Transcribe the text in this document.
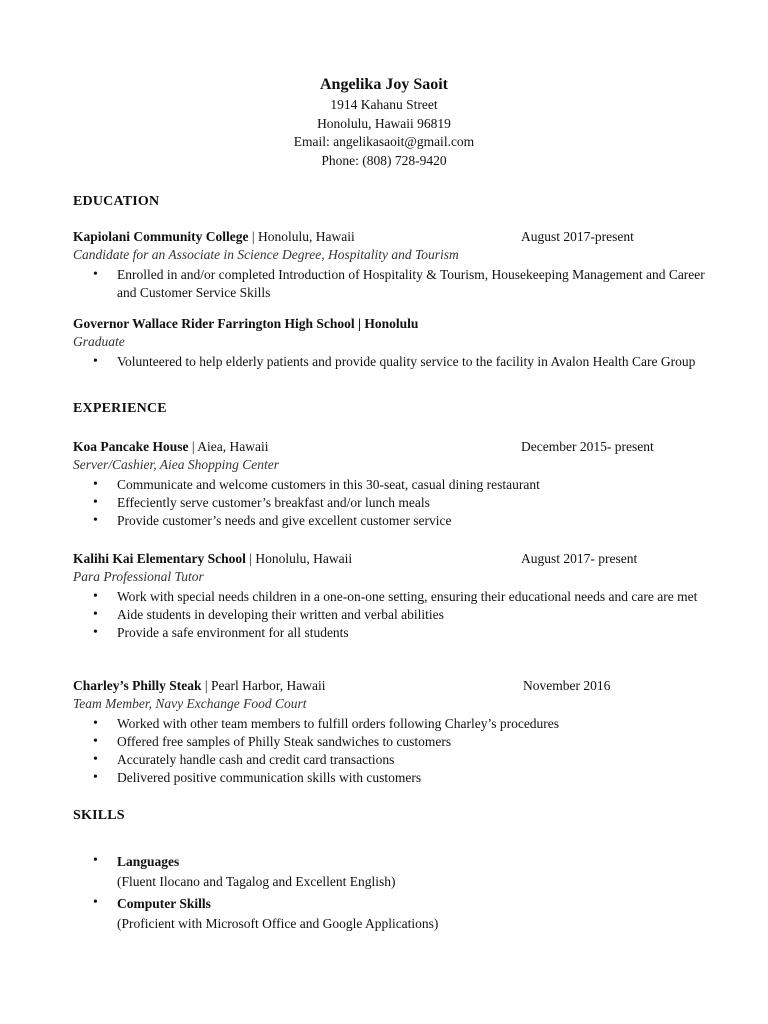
Angelika Joy Saoit
1914 Kahanu Street
Honolulu, Hawaii 96819
Email: angelikasaoit@gmail.com
Phone: (808) 728-9420
EDUCATION
Kapiolani Community College | Honolulu, Hawaii	August 2017-present
Candidate for an Associate in Science Degree, Hospitality and Tourism
• Enrolled in and/or completed Introduction of Hospitality & Tourism, Housekeeping Management and Career and Customer Service Skills
Governor Wallace Rider Farrington High School | Honolulu
Graduate
• Volunteered to help elderly patients and provide quality service to the facility in Avalon Health Care Group
EXPERIENCE
Koa Pancake House | Aiea, Hawaii	December 2015- present
Server/Cashier, Aiea Shopping Center
• Communicate and welcome customers in this 30-seat, casual dining restaurant
• Effeciently serve customer’s breakfast and/or lunch meals
• Provide customer’s needs and give excellent customer service
Kalihi Kai Elementary School | Honolulu, Hawaii	August 2017- present
Para Professional Tutor
• Work with special needs children in a one-on-one setting, ensuring their educational needs and care are met
• Aide students in developing their written and verbal abilities
• Provide a safe environment for all students
Charley’s Philly Steak | Pearl Harbor, Hawaii	November 2016
Team Member, Navy Exchange Food Court
• Worked with other team members to fulfill orders following Charley’s procedures
• Offered free samples of Philly Steak sandwiches to customers
• Accurately handle cash and credit card transactions
• Delivered positive communication skills with customers
SKILLS
• Languages
(Fluent Ilocano and Tagalog and Excellent English)
• Computer Skills
(Proficient with Microsoft Office and Google Applications)
